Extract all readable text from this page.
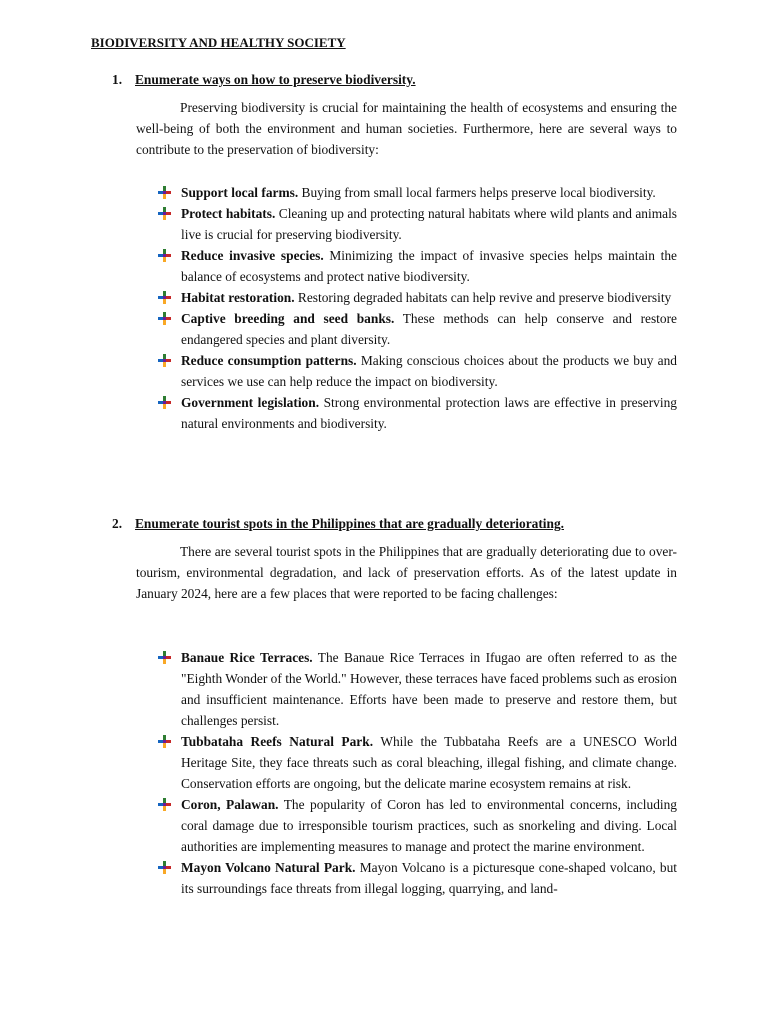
BIODIVERSITY AND HEALTHY SOCIETY
1. Enumerate ways on how to preserve biodiversity.

Preserving biodiversity is crucial for maintaining the health of ecosystems and ensuring the well-being of both the environment and human societies. Furthermore, here are several ways to contribute to the preservation of biodiversity:

Support local farms. Buying from small local farmers helps preserve local biodiversity.
Protect habitats. Cleaning up and protecting natural habitats where wild plants and animals live is crucial for preserving biodiversity.
Reduce invasive species. Minimizing the impact of invasive species helps maintain the balance of ecosystems and protect native biodiversity.
Habitat restoration. Restoring degraded habitats can help revive and preserve biodiversity
Captive breeding and seed banks. These methods can help conserve and restore endangered species and plant diversity.
Reduce consumption patterns. Making conscious choices about the products we buy and services we use can help reduce the impact on biodiversity.
Government legislation. Strong environmental protection laws are effective in preserving natural environments and biodiversity.
2. Enumerate tourist spots in the Philippines that are gradually deteriorating.

There are several tourist spots in the Philippines that are gradually deteriorating due to over-tourism, environmental degradation, and lack of preservation efforts. As of the latest update in January 2024, here are a few places that were reported to be facing challenges:

Banaue Rice Terraces. The Banaue Rice Terraces in Ifugao are often referred to as the "Eighth Wonder of the World." However, these terraces have faced problems such as erosion and insufficient maintenance. Efforts have been made to preserve and restore them, but challenges persist.
Tubbataha Reefs Natural Park. While the Tubbataha Reefs are a UNESCO World Heritage Site, they face threats such as coral bleaching, illegal fishing, and climate change. Conservation efforts are ongoing, but the delicate marine ecosystem remains at risk.
Coron, Palawan. The popularity of Coron has led to environmental concerns, including coral damage due to irresponsible tourism practices, such as snorkeling and diving. Local authorities are implementing measures to manage and protect the marine environment.
Mayon Volcano Natural Park. Mayon Volcano is a picturesque cone-shaped volcano, but its surroundings face threats from illegal logging, quarrying, and land-
